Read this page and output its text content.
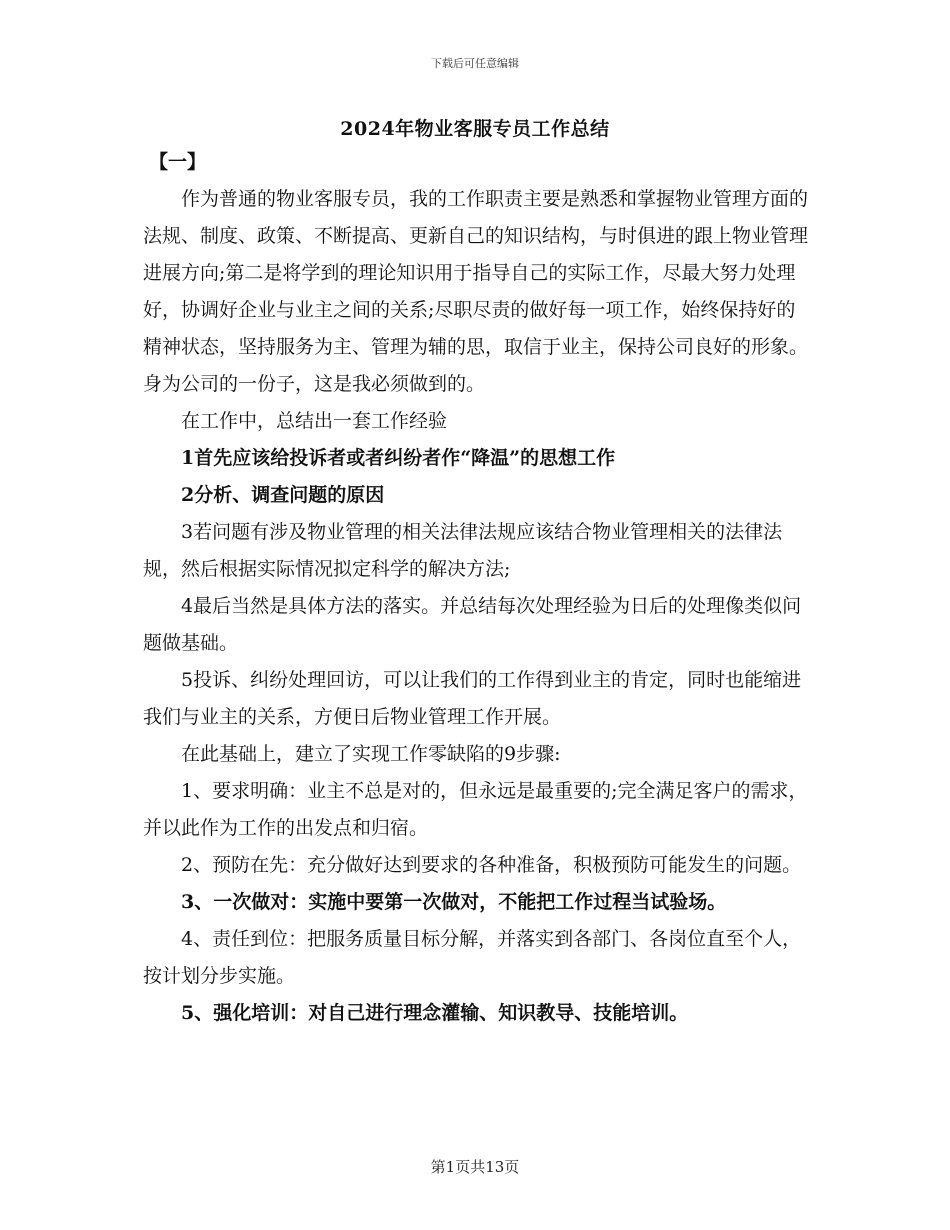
下载后可任意编辑
2024年物业客服专员工作总结

【一】

作为普通的物业客服专员，我的工作职责主要是熟悉和掌握物业管理方面的法规、制度、政策、不断提高、更新自己的知识结构，与时俱进的跟上物业管理进展方向;第二是将学到的理论知识用于指导自己的实际工作，尽最大努力处理好，协调好企业与业主之间的关系;尽职尽责的做好每一项工作，始终保持好的精神状态，坚持服务为主、管理为辅的思，取信于业主，保持公司良好的形象。身为公司的一份子，这是我必须做到的。

在工作中，总结出一套工作经验

1首先应该给投诉者或者纠纷者作“降温”的思想工作

2分析、调查问题的原因

3若问题有涉及物业管理的相关法律法规应该结合物业管理相关的法律法规，然后根据实际情况拟定科学的解决方法;

4最后当然是具体方法的落实。并总结每次处理经验为日后的处理像类似问题做基础。

5投诉、纠纷处理回访，可以让我们的工作得到业主的肯定，同时也能缩进我们与业主的关系，方便日后物业管理工作开展。

在此基础上，建立了实现工作零缺陷的9步骤:

1、要求明确：业主不总是对的，但永远是最重要的;完全满足客户的需求，并以此作为工作的出发点和归宿。

2、预防在先：充分做好达到要求的各种准备，积极预防可能发生的问题。

3、一次做对：实施中要第一次做对，不能把工作过程当试验场。

4、责任到位：把服务质量目标分解，并落实到各部门、各岗位直至个人，按计划分步实施。

5、强化培训：对自己进行理念灌输、知识教导、技能培训。

第1页共13页
